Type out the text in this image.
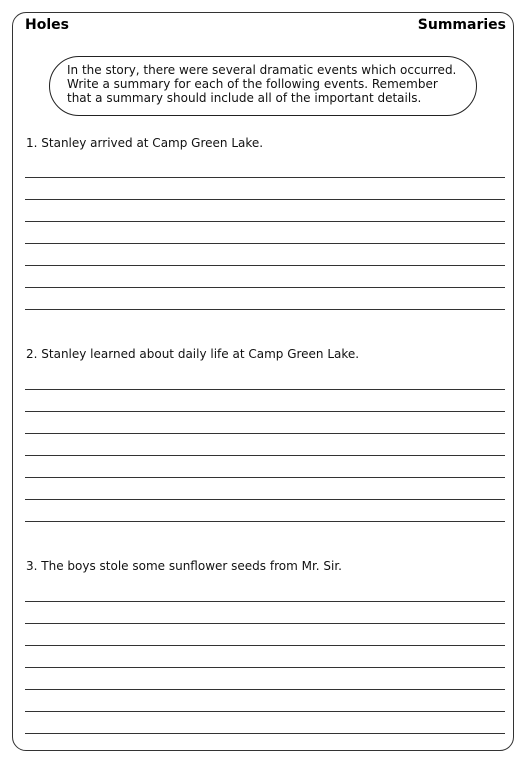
Holes	Summaries
In the story, there were several dramatic events which occurred. Write a summary for each of the following events. Remember that a summary should include all of the important details.
1. Stanley arrived at Camp Green Lake.
2. Stanley learned about daily life at Camp Green Lake.
3. The boys stole some sunflower seeds from Mr. Sir.
